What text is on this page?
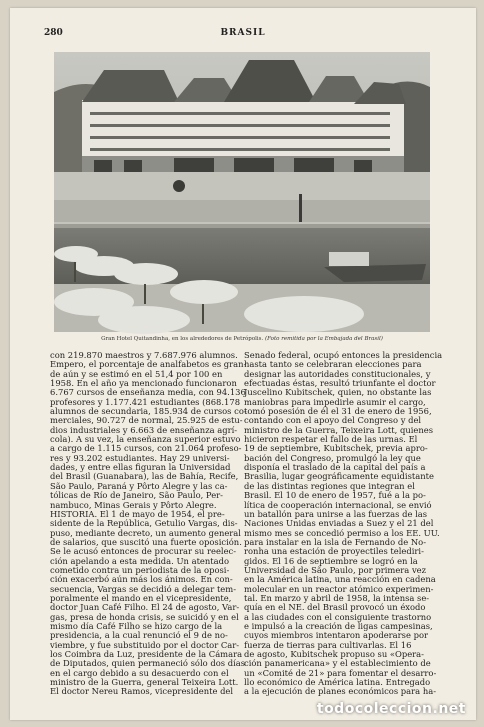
280	BRASIL
Gran Hotel Quitandinha, en los alrededores de Petrópolis. (Foto remitida por la Embajada del Brasil)
con 219.870 maestros y 7.687.976 alumnos.
Empero, el porcentaje de analfabetos es gran-
de aún y se estimó en el 51,4 por 100 en
1958. En el año ya mencionado funcionaron
6.767 cursos de enseñanza media, con 94.136
profesores y 1.177.421 estudiantes (868.178
alumnos de secundaria, 185.934 de cursos co-
merciales, 90.727 de normal, 25.925 de estu-
dios industriales y 6.663 de enseñanza agrí-
cola). A su vez, la enseñanza superior estuvo
a cargo de 1.115 cursos, con 21.064 profeso-
res y 93.202 estudiantes. Hay 29 universi-
dades, y entre ellas figuran la Universidad
del Brasil (Guanabara), las de Bahía, Recife,
São Paulo, Paraná y Pôrto Alegre y las ca-
tólicas de Río de Janeiro, São Paulo, Per-
nambuco, Minas Gerais y Pôrto Alegre.
HISTORIA. El 1 de mayo de 1954, el pre-
sidente de la República, Getulio Vargas, dis-
puso, mediante decreto, un aumento general
de salarios, que suscitó una fuerte oposición.
Se le acusó entonces de procurar su reelec-
ción apelando a esta medida. Un atentado
cometido contra un periodista de la oposi-
ción exacerbó aún más los ánimos. En con-
secuencia, Vargas se decidió a delegar tem-
poralmente el mando en el vicepresidente,
doctor Juan Café Filho. El 24 de agosto, Var-
gas, presa de honda crisis, se suicidó y en el
mismo día Café Filho se hizo cargo de la
presidencia, a la cual renunció el 9 de no-
viembre, y fue substituido por el doctor Car-
los Coimbra da Luz, presidente de la Cámara
de Diputados, quien permaneció sólo dos días
en el cargo debido a su desacuerdo con el
ministro de la Guerra, general Teixeira Lott.
El doctor Nereu Ramos, vicepresidente del
Senado federal, ocupó entonces la presidencia
hasta tanto se celebraran elecciones para
designar las autoridades constitucionales, y
efectuadas éstas, resultó triunfante el doctor
Juscelino Kubitschek, quien, no obstante las
maniobras para impedirle asumir el cargo,
tomó posesión de él el 31 de enero de 1956,
contando con el apoyo del Congreso y del
ministro de la Guerra, Teixeira Lott, quienes
hicieron respetar el fallo de las urnas. El
19 de septiembre, Kubitschek, previa apro-
bación del Congreso, promulgó la ley que
disponía el traslado de la capital del país a
Brasilia, lugar geográficamente equidistante
de las distintas regiones que integran el
Brasil. El 10 de enero de 1957, fué a la po-
lítica de cooperación internacional, se envió
un batallón para unirse a las fuerzas de las
Naciones Unidas enviadas a Suez y el 21 del
mismo mes se concedió permiso a los EE. UU.
para instalar en la isla de Fernando de No-
ronha una estación de proyectiles telediri-
gidos. El 16 de septiembre se logró en la
Universidad de São Paulo, por primera vez
en la América latina, una reacción en cadena
molecular en un reactor atómico experimen-
tal. En marzo y abril de 1958, la intensa se-
quía en el NE. del Brasil provocó un éxodo
a las ciudades con el consiguiente trastorno
e impulsó a la creación de ligas campesinas,
cuyos miembros intentaron apoderarse por
fuerza de tierras para cultivarlas. El 16
de agosto, Kubitschek propuso su «Opera-
ción panamericana» y el establecimiento de
un «Comité de 21» para fomentar el desarro-
llo económico de América latina. Entregado
a la ejecución de planes económicos para ha-
todocoleccion.net
